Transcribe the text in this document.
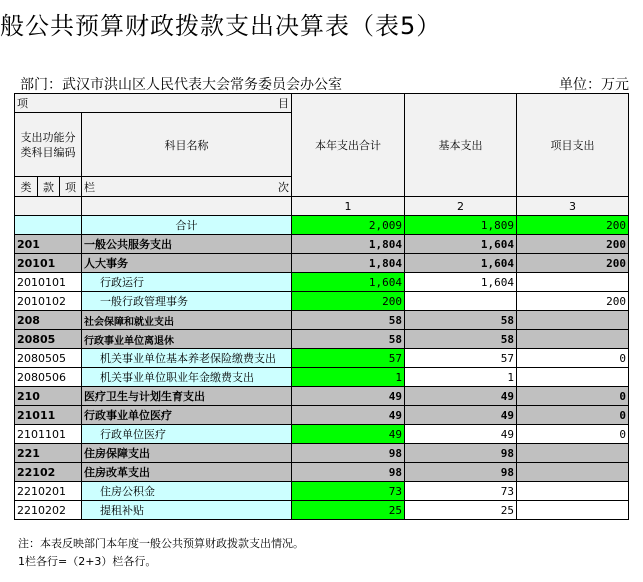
般公共预算财政拨款支出决算表（表5）
部门：武汉市洪山区人民代表大会常务委员会办公室	单位：万元
项 目				本年支出合计	基本支出	项目支出
支出功能分类科目编码			科目名称			
类	款	项				
			栏 次			

				1	2	3
			合计	2,009	1,809	200
201			一般公共服务支出	1,804	1,604	200
20101			人大事务	1,804	1,604	200
2010101			行政运行	1,604	1,604	
2010102			一般行政管理事务	200		200
208			社会保障和就业支出	58	58	
20805			行政事业单位离退休	58	58	
2080505			机关事业单位基本养老保险缴费支出	57	57	0
2080506			机关事业单位职业年金缴费支出	1	1	
210			医疗卫生与计划生育支出	49	49	0
21011			行政事业单位医疗	49	49	0
2101101			行政单位医疗	49	49	0
221			住房保障支出	98	98	
22102			住房改革支出	98	98	
2210201			住房公积金	73	73	
2210202			提租补贴	25	25	
注：本表反映部门本年度一般公共预算财政拨款支出情况。
1栏各行=（2+3）栏各行。
